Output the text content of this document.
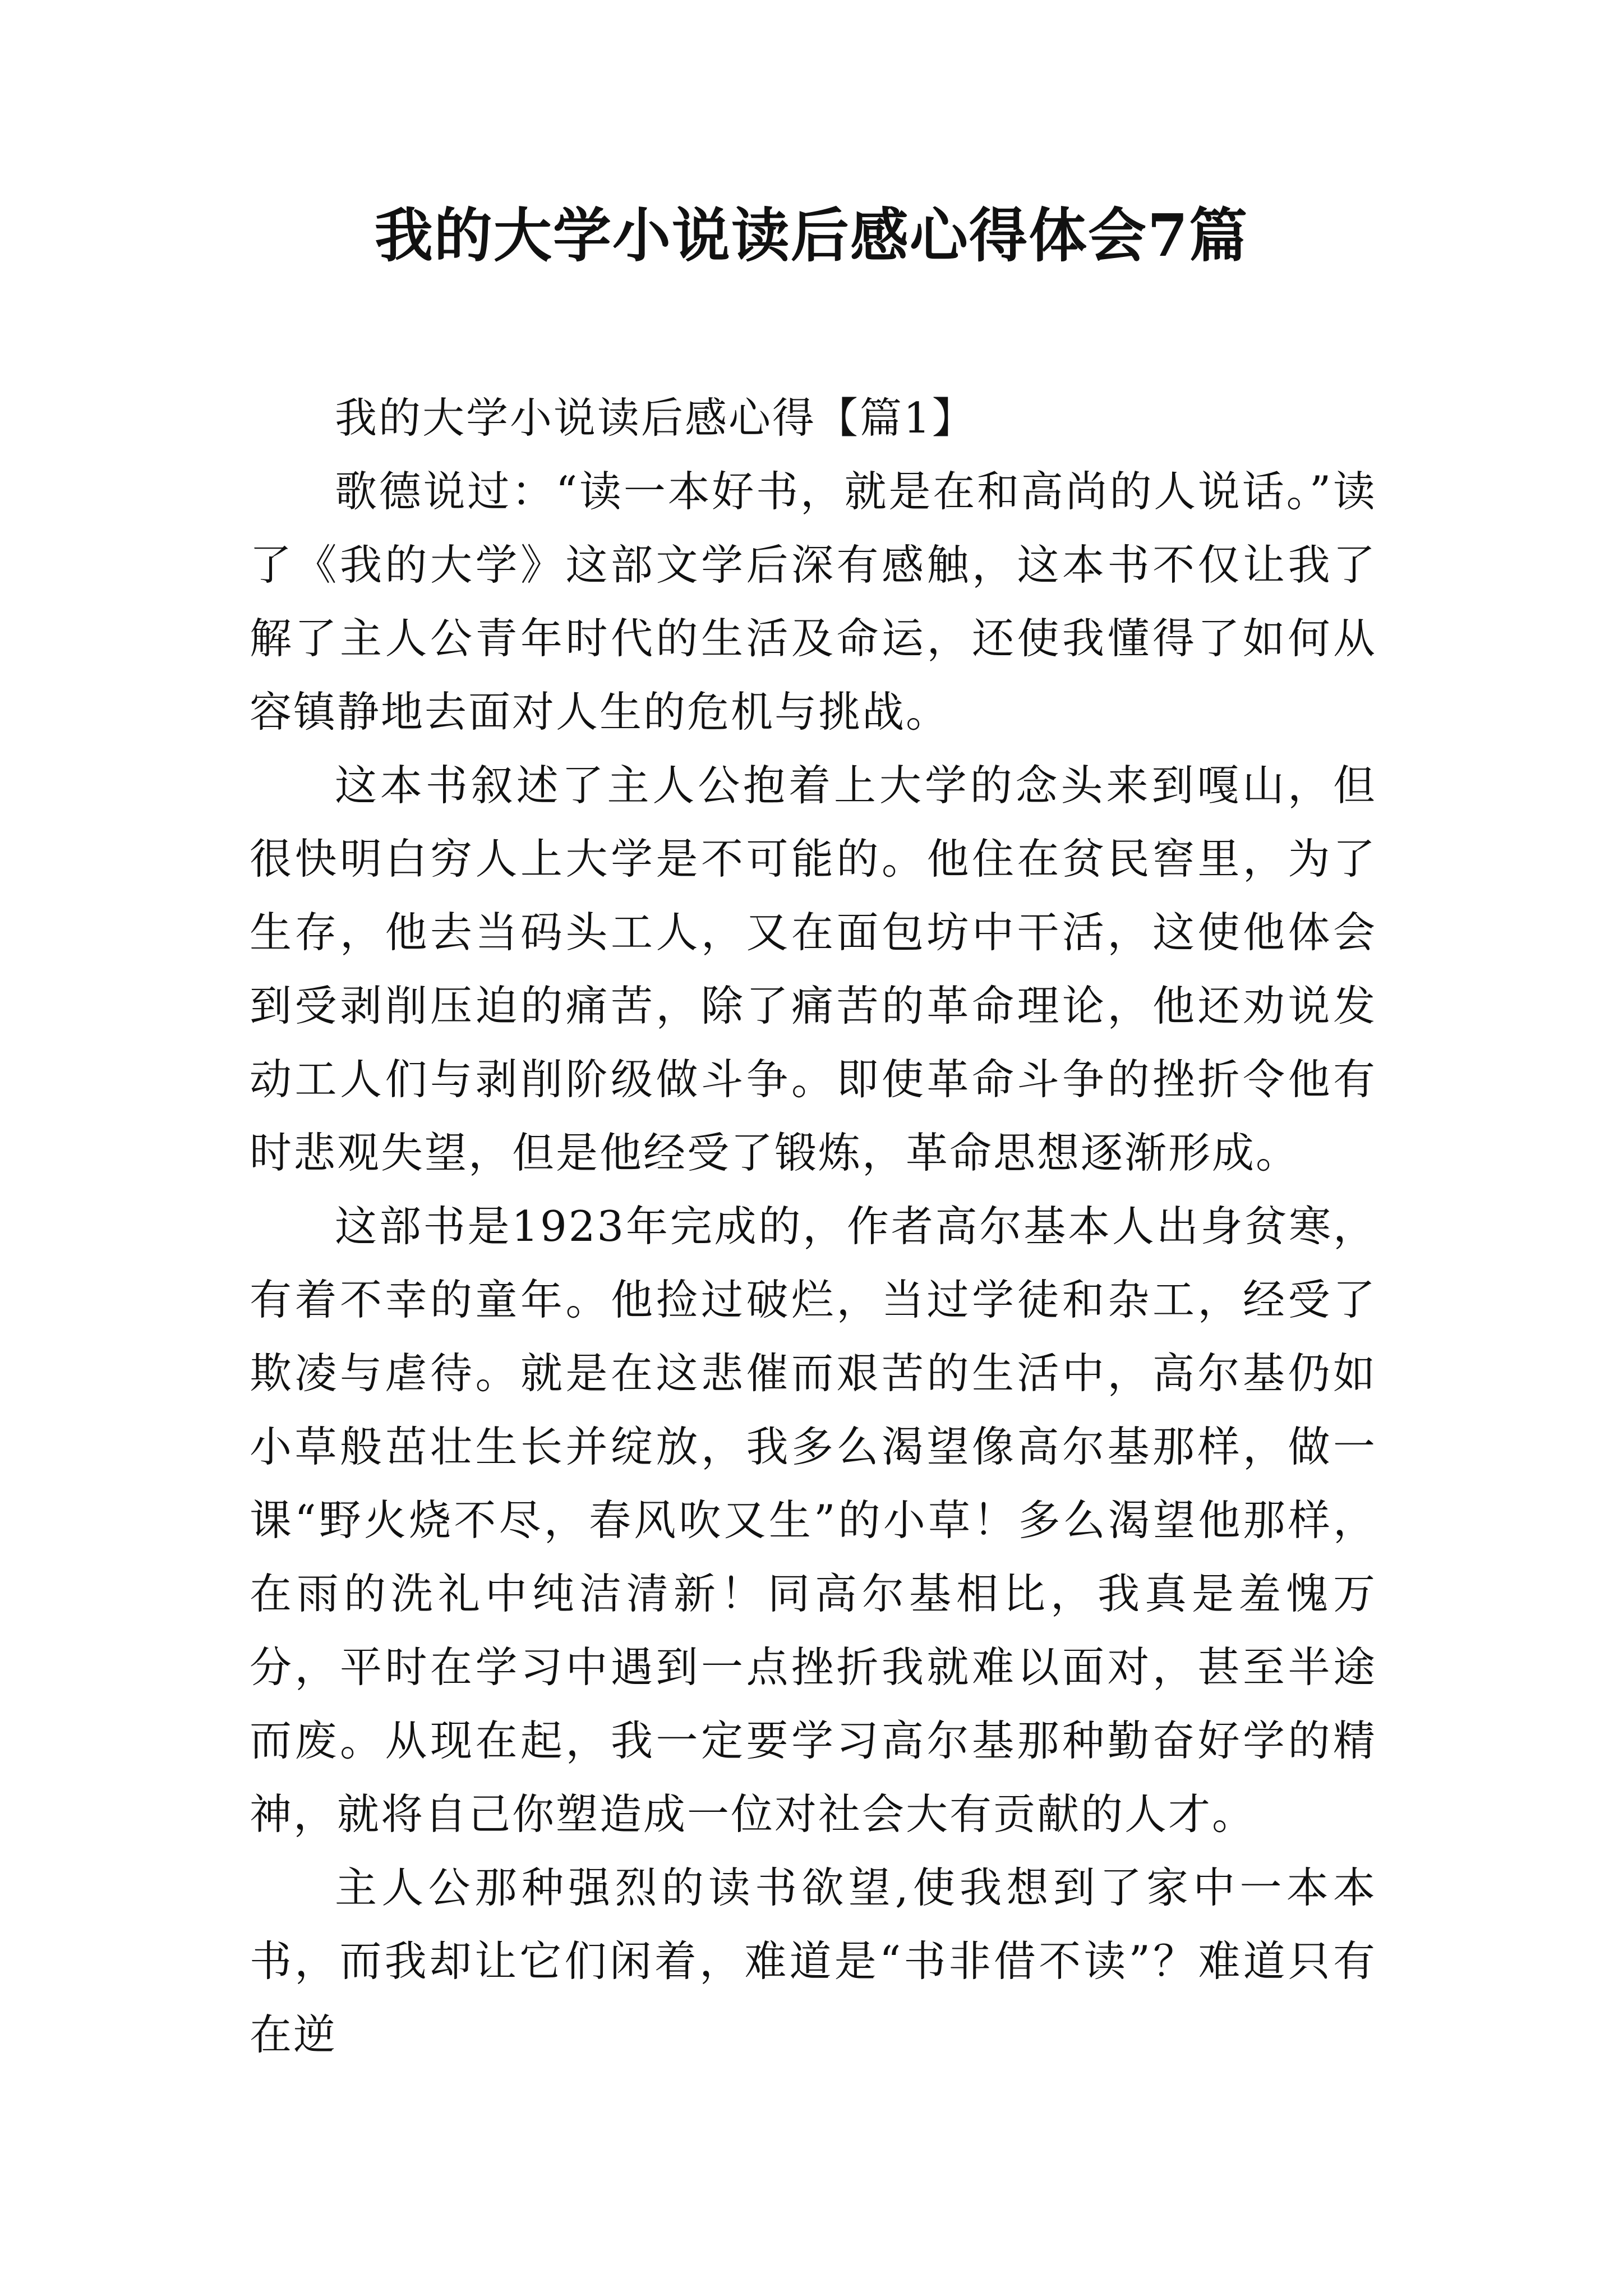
我的大学小说读后感心得体会7篇
我的大学小说读后感心得【篇1】

歌德说过：“读一本好书，就是在和高尚的人说话。”读了《我的大学》这部文学后深有感触，这本书不仅让我了解了主人公青年时代的生活及命运，还使我懂得了如何从容镇静地去面对人生的危机与挑战。

这本书叙述了主人公抱着上大学的念头来到嘎山，但很快明白穷人上大学是不可能的。他住在贫民窖里，为了生存，他去当码头工人，又在面包坊中干活，这使他体会到受剥削压迫的痛苦，除了痛苦的革命理论，他还劝说发动工人们与剥削阶级做斗争。即使革命斗争的挫折令他有时悲观失望，但是他经受了锻炼，革命思想逐渐形成。

这部书是1923年完成的，作者高尔基本人出身贫寒，有着不幸的童年。他捡过破烂，当过学徒和杂工，经受了欺凌与虐待。就是在这悲催而艰苦的生活中，高尔基仍如小草般茁壮生长并绽放，我多么渴望像高尔基那样，做一课“野火烧不尽，春风吹又生”的小草！多么渴望他那样，在雨的洗礼中纯洁清新！同高尔基相比，我真是羞愧万分，平时在学习中遇到一点挫折我就难以面对，甚至半途而废。从现在起，我一定要学习高尔基那种勤奋好学的精神，就将自己你塑造成一位对社会大有贡献的人才。

主人公那种强烈的读书欲望,使我想到了家中一本本书，而我却让它们闲着，难道是“书非借不读”？难道只有在逆
